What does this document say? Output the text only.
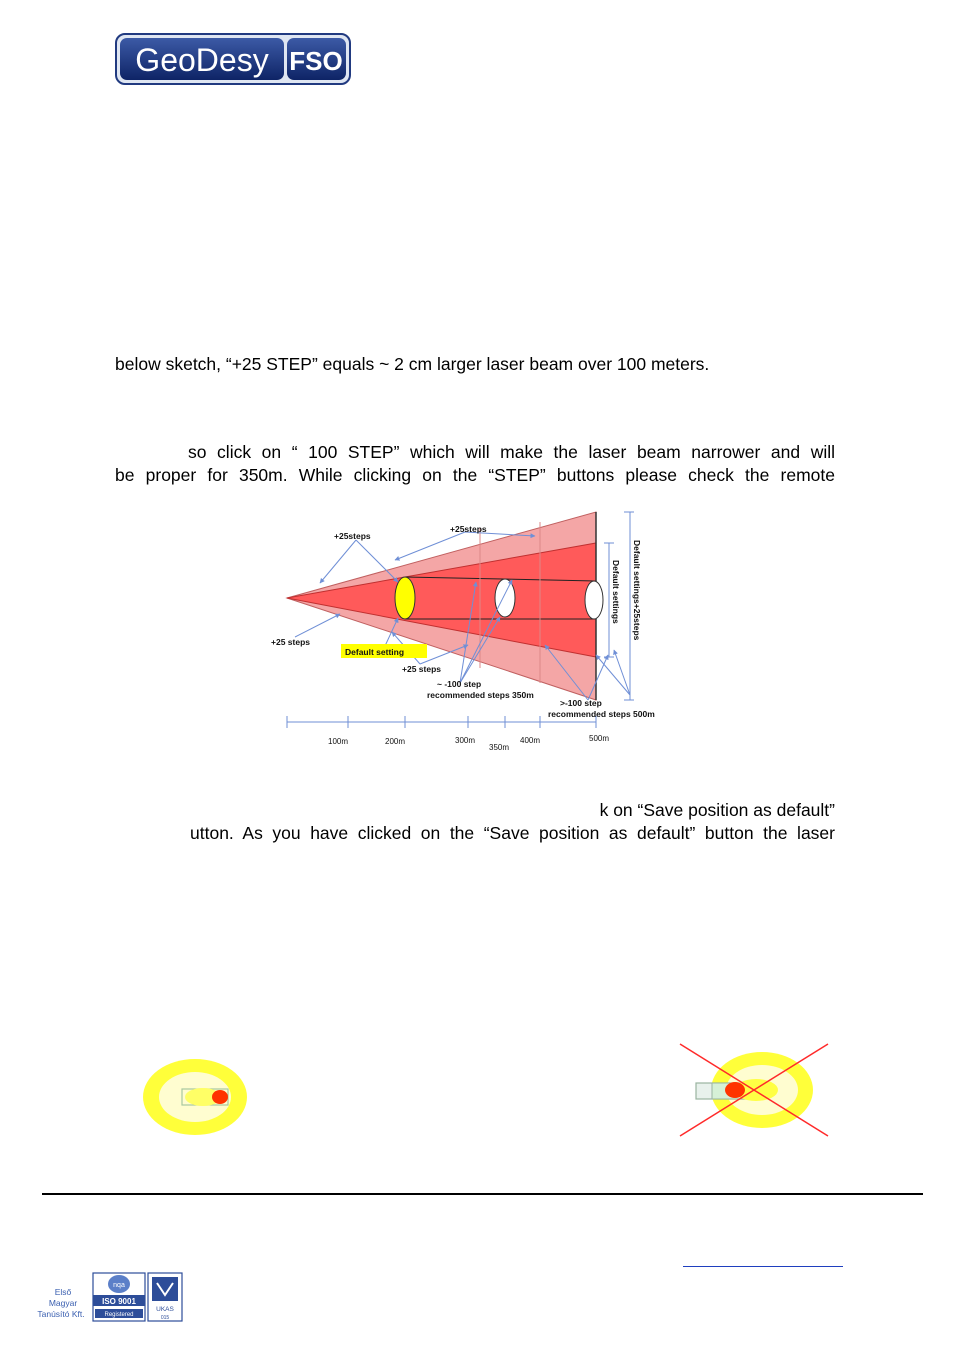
GeoDesy FSO
below sketch, “+25 STEP” equals ~ 2 cm larger laser beam over 100 meters.
so click on “ 100 STEP” which will make the laser beam narrower and will
be proper for 350m. While clicking on the “STEP” buttons please check the remote
+25steps
+25steps
+25 steps
+25 steps
Default setting
~ -100 step
recommended steps 350m
>-100 step
recommended steps 500m
Default settings Default settings+25steps
100m	200m	300m
350m
400m	500m
k on “Save position as default”
utton. As you have clicked on the “Save position as default” button the laser
Első
Magyar
Tanúsító Kft.
nqa
ISO 9001
Registered
UKAS
015
